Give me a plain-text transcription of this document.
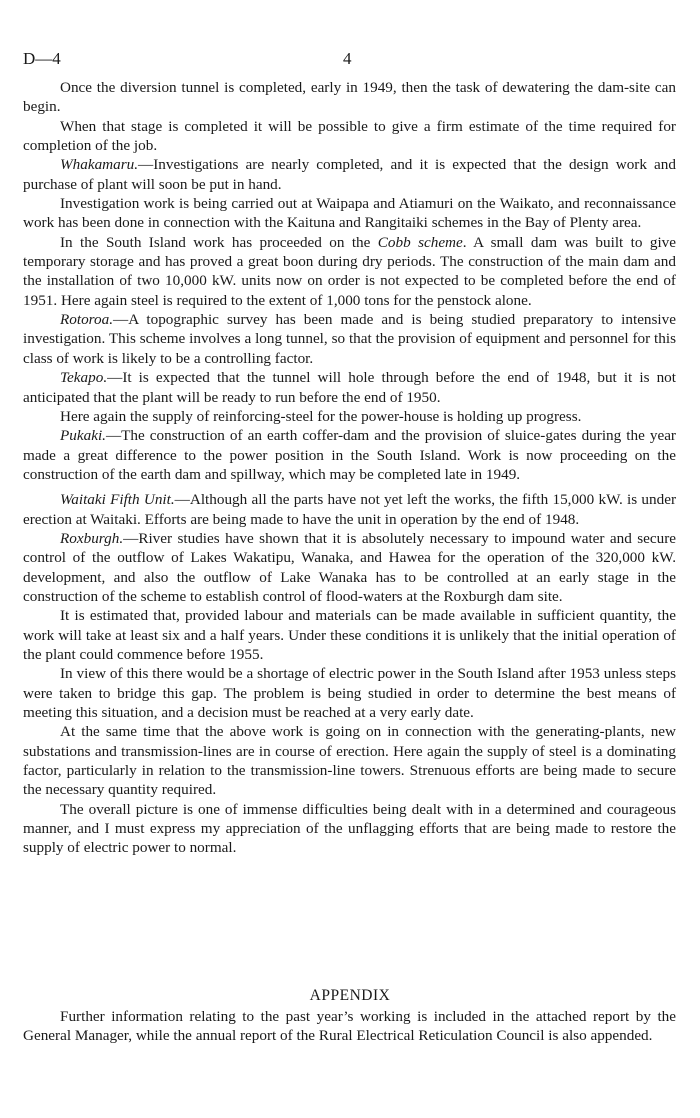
D—4	4

Once the diversion tunnel is completed, early in 1949, then the task of dewatering the dam-site can begin.

When that stage is completed it will be possible to give a firm estimate of the time required for completion of the job.

Whakamaru.—Investigations are nearly completed, and it is expected that the design work and purchase of plant will soon be put in hand.

Investigation work is being carried out at Waipapa and Atiamuri on the Waikato, and reconnaissance work has been done in connection with the Kaituna and Rangitaiki schemes in the Bay of Plenty area.

In the South Island work has proceeded on the Cobb scheme. A small dam was built to give temporary storage and has proved a great boon during dry periods. The construction of the main dam and the installation of two 10,000 kW. units now on order is not expected to be completed before the end of 1951. Here again steel is required to the extent of 1,000 tons for the penstock alone.

Rotoroa.—A topographic survey has been made and is being studied preparatory to intensive investigation. This scheme involves a long tunnel, so that the provision of equipment and personnel for this class of work is likely to be a controlling factor.

Tekapo.—It is expected that the tunnel will hole through before the end of 1948, but it is not anticipated that the plant will be ready to run before the end of 1950.

Here again the supply of reinforcing-steel for the power-house is holding up progress.

Pukaki.—The construction of an earth coffer-dam and the provision of sluice-gates during the year made a great difference to the power position in the South Island. Work is now proceeding on the construction of the earth dam and spillway, which may be completed late in 1949.

Waitaki Fifth Unit.—Although all the parts have not yet left the works, the fifth 15,000 kW. is under erection at Waitaki. Efforts are being made to have the unit in operation by the end of 1948.

Roxburgh.—River studies have shown that it is absolutely necessary to impound water and secure control of the outflow of Lakes Wakatipu, Wanaka, and Hawea for the operation of the 320,000 kW. development, and also the outflow of Lake Wanaka has to be controlled at an early stage in the construction of the scheme to establish control of flood-waters at the Roxburgh dam site.

It is estimated that, provided labour and materials can be made available in sufficient quantity, the work will take at least six and a half years. Under these conditions it is unlikely that the initial operation of the plant could commence before 1955.

In view of this there would be a shortage of electric power in the South Island after 1953 unless steps were taken to bridge this gap. The problem is being studied in order to determine the best means of meeting this situation, and a decision must be reached at a very early date.

At the same time that the above work is going on in connection with the generating-plants, new substations and transmission-lines are in course of erection. Here again the supply of steel is a dominating factor, particularly in relation to the transmission-line towers. Strenuous efforts are being made to secure the necessary quantity required.

The overall picture is one of immense difficulties being dealt with in a determined and courageous manner, and I must express my appreciation of the unflagging efforts that are being made to restore the supply of electric power to normal.

APPENDIX

Further information relating to the past year’s working is included in the attached report by the General Manager, while the annual report of the Rural Electrical Reticulation Council is also appended.
